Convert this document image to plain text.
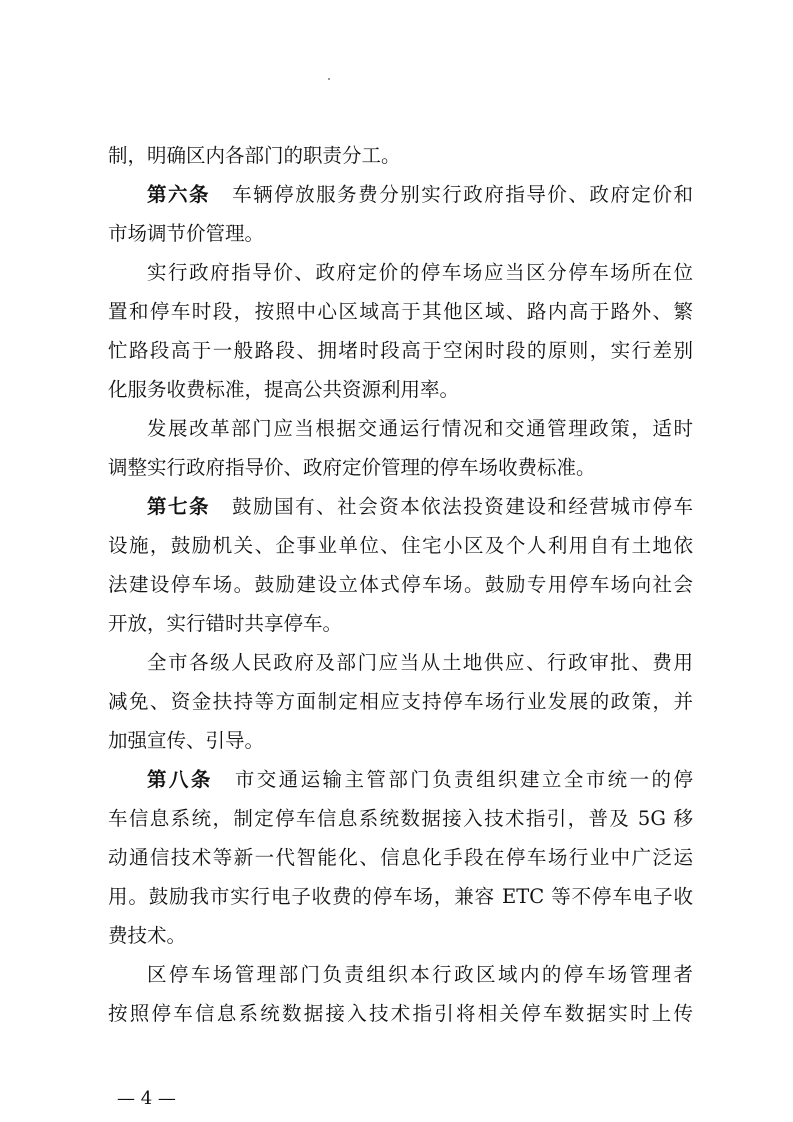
制，明确区内各部门的职责分工。
第六条 车辆停放服务费分别实行政府指导价、政府定价和
市场调节价管理。
实行政府指导价、政府定价的停车场应当区分停车场所在位
置和停车时段，按照中心区域高于其他区域、路内高于路外、繁
忙路段高于一般路段、拥堵时段高于空闲时段的原则，实行差别
化服务收费标准，提高公共资源利用率。
发展改革部门应当根据交通运行情况和交通管理政策，适时
调整实行政府指导价、政府定价管理的停车场收费标准。
第七条 鼓励国有、社会资本依法投资建设和经营城市停车
设施，鼓励机关、企事业单位、住宅小区及个人利用自有土地依
法建设停车场。鼓励建设立体式停车场。鼓励专用停车场向社会
开放，实行错时共享停车。
全市各级人民政府及部门应当从土地供应、行政审批、费用
减免、资金扶持等方面制定相应支持停车场行业发展的政策，并
加强宣传、引导。
第八条 市交通运输主管部门负责组织建立全市统一的停
车信息系统，制定停车信息系统数据接入技术指引，普及 5G 移
动通信技术等新一代智能化、信息化手段在停车场行业中广泛运
用。鼓励我市实行电子收费的停车场，兼容 ETC 等不停车电子收
费技术。
区停车场管理部门负责组织本行政区域内的停车场管理者
按照停车信息系统数据接入技术指引将相关停车数据实时上传
— 4 —
